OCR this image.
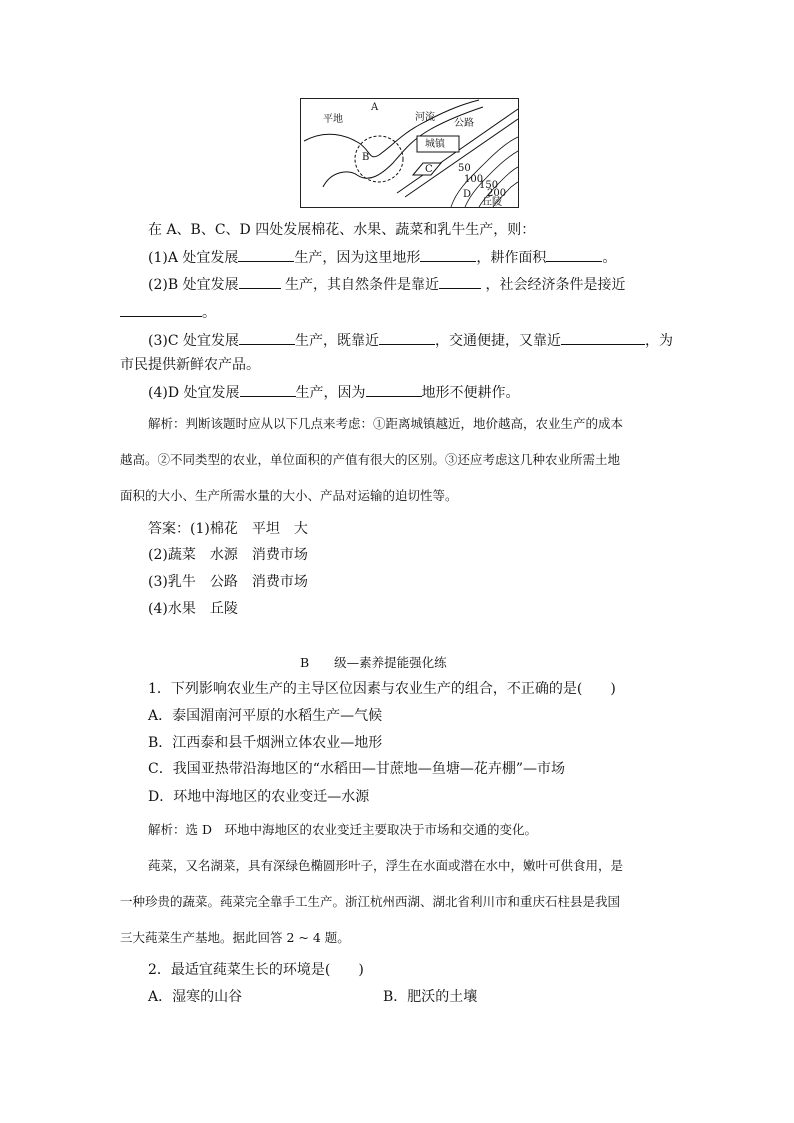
A
平地	河流
公路
B
城镇
C	50
100
150
D 200
丘陵
在 A、B、C、D 四处发展棉花、水果、蔬菜和乳牛生产，则：
(1)A 处宜发展	生产，因为这里地形	，耕作面积	。
(2)B 处宜发展	生产，其自然条件是靠近	，社会经济条件是接近
。
(3)C 处宜发展	生产，既靠近	，交通便捷，又靠近	，为
市民提供新鲜农产品。
(4)D 处宜发展	生产，因为	地形不便耕作。
解析：判断该题时应从以下几点来考虑：①距离城镇越近，地价越高，农业生产的成本
越高。②不同类型的农业，单位面积的产值有很大的区别。③还应考虑这几种农业所需土地
面积的大小、生产所需水量的大小、产品对运输的迫切性等。
答案：(1)棉花　平坦　大
(2)蔬菜　水源　消费市场
(3)乳牛　公路　消费市场
(4)水果　丘陵
B　　级—素养提能强化练
1．下列影响农业生产的主导区位因素与农业生产的组合，不正确的是(　　)
A．泰国湄南河平原的水稻生产—气候
B．江西泰和县千烟洲立体农业—地形
C．我国亚热带沿海地区的“水稻田—甘蔗地—鱼塘—花卉棚”—市场
D．环地中海地区的农业变迁—水源
解析：选 D　环地中海地区的农业变迁主要取决于市场和交通的变化。
莼菜，又名湖菜，具有深绿色椭圆形叶子，浮生在水面或潜在水中，嫩叶可供食用，是
一种珍贵的蔬菜。莼菜完全靠手工生产。浙江杭州西湖、湖北省利川市和重庆石柱县是我国
三大莼菜生产基地。据此回答 2 ~ 4 题。
2．最适宜莼菜生长的环境是(　　)
A．湿寒的山谷	B．肥沃的土壤
